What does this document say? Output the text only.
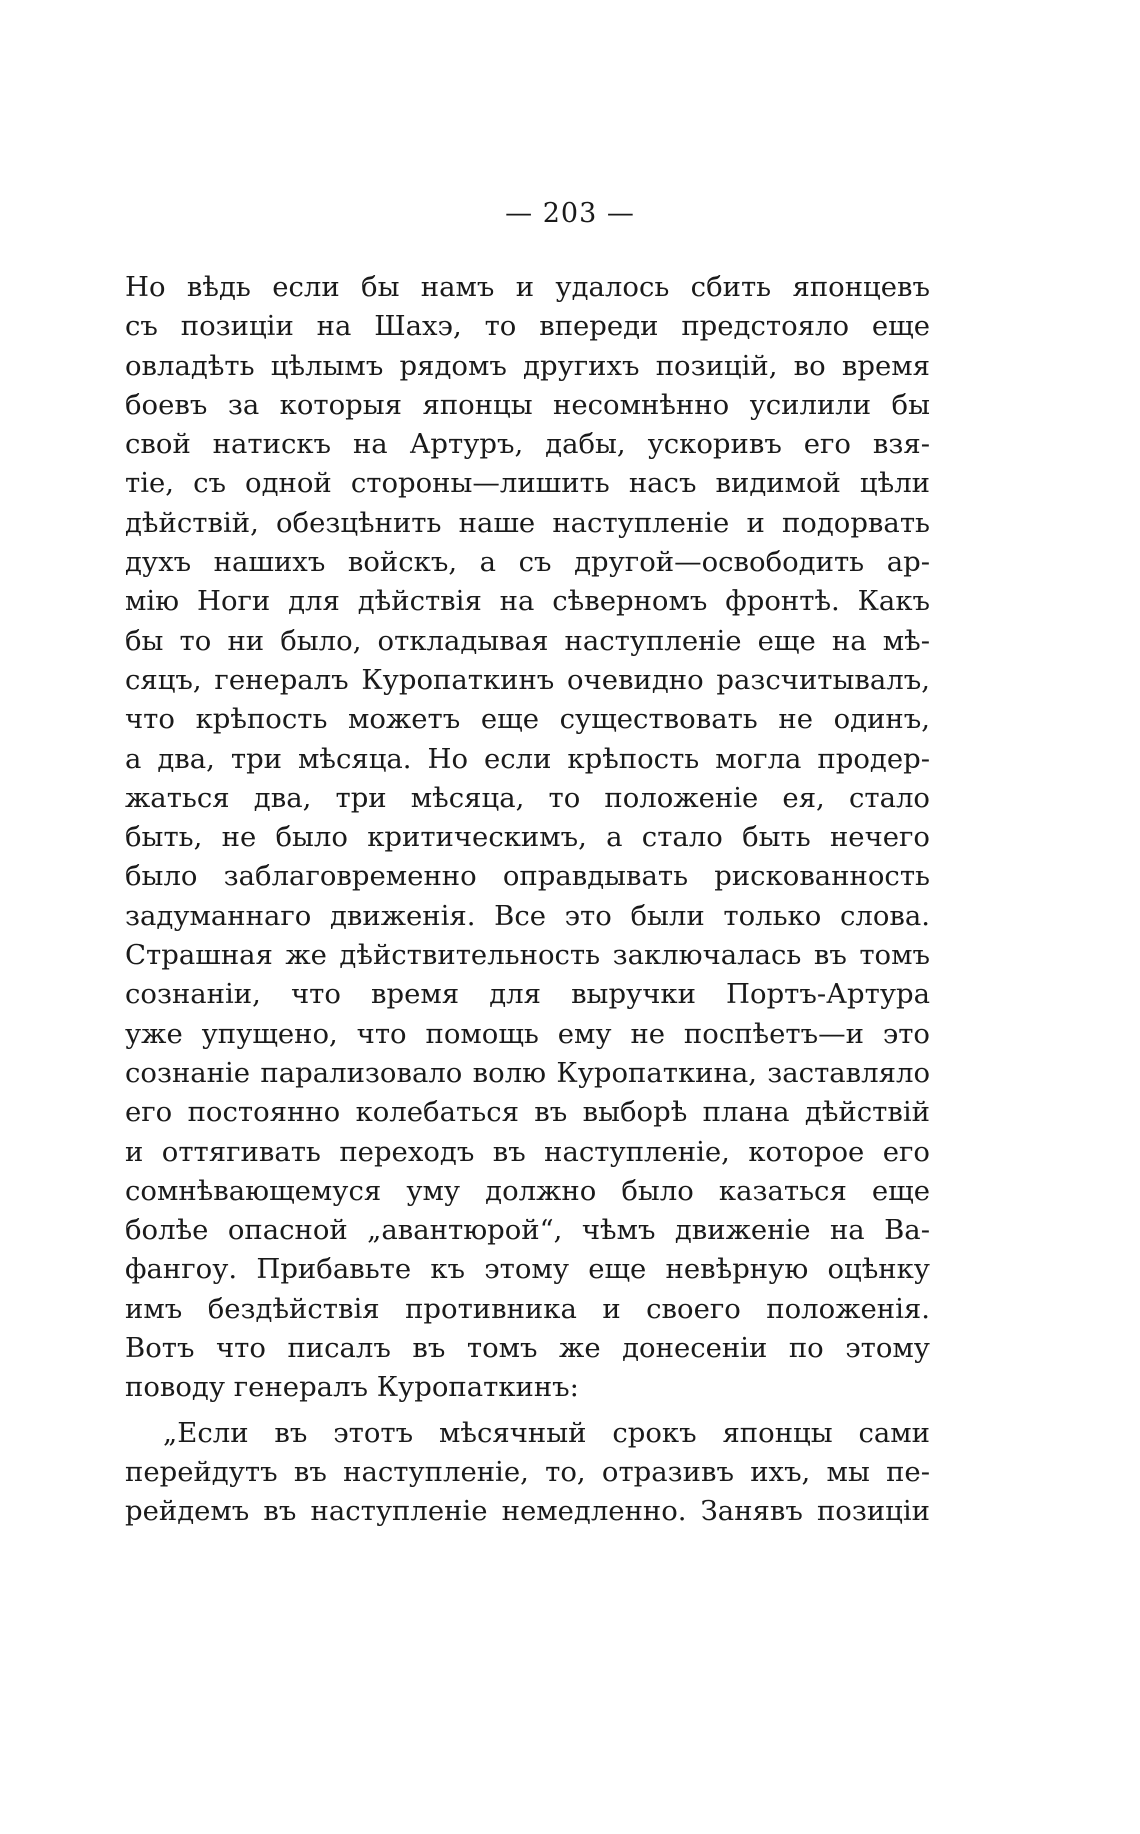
— 203 —
Но вѣдь если бы намъ и удалось сбить японцевъ
съ позиціи на Шахэ, то впереди предстояло еще
овладѣть цѣлымъ рядомъ другихъ позицій, во время
боевъ за которыя японцы несомнѣнно усилили бы
свой натискъ на Артуръ, дабы, ускоривъ его взя-
тіе, съ одной стороны—лишить насъ видимой цѣли
дѣйствій, обезцѣнить наше наступленіе и подорвать
духъ нашихъ войскъ, а съ другой—освободить ар-
мію Ноги для дѣйствія на сѣверномъ фронтѣ. Какъ
бы то ни было, откладывая наступленіе еще на мѣ-
сяцъ, генералъ Куропаткинъ очевидно разсчитывалъ,
что крѣпость можетъ еще существовать не одинъ,
а два, три мѣсяца. Но если крѣпость могла продер-
жаться два, три мѣсяца, то положеніе ея, стало
быть, не было критическимъ, а стало быть нечего
было заблаговременно оправдывать рискованность
задуманнаго движенія. Все это были только слова.
Страшная же дѣйствительность заключалась въ томъ
сознаніи, что время для выручки Портъ-Артура
уже упущено, что помощь ему не поспѣетъ—и это
сознаніе парализовало волю Куропаткина, заставляло
его постоянно колебаться въ выборѣ плана дѣйствій
и оттягивать переходъ въ наступленіе, которое его
сомнѣвающемуся уму должно было казаться еще
болѣе опасной „авантюрой“, чѣмъ движеніе на Ва-
фангоу. Прибавьте къ этому еще невѣрную оцѣнку
имъ бездѣйствія противника и своего положенія.
Вотъ что писалъ въ томъ же донесеніи по этому
поводу генералъ Куропаткинъ:
„Если въ этотъ мѣсячный срокъ японцы сами
перейдутъ въ наступленіе, то, отразивъ ихъ, мы пе-
рейдемъ въ наступленіе немедленно. Занявъ позиціи
